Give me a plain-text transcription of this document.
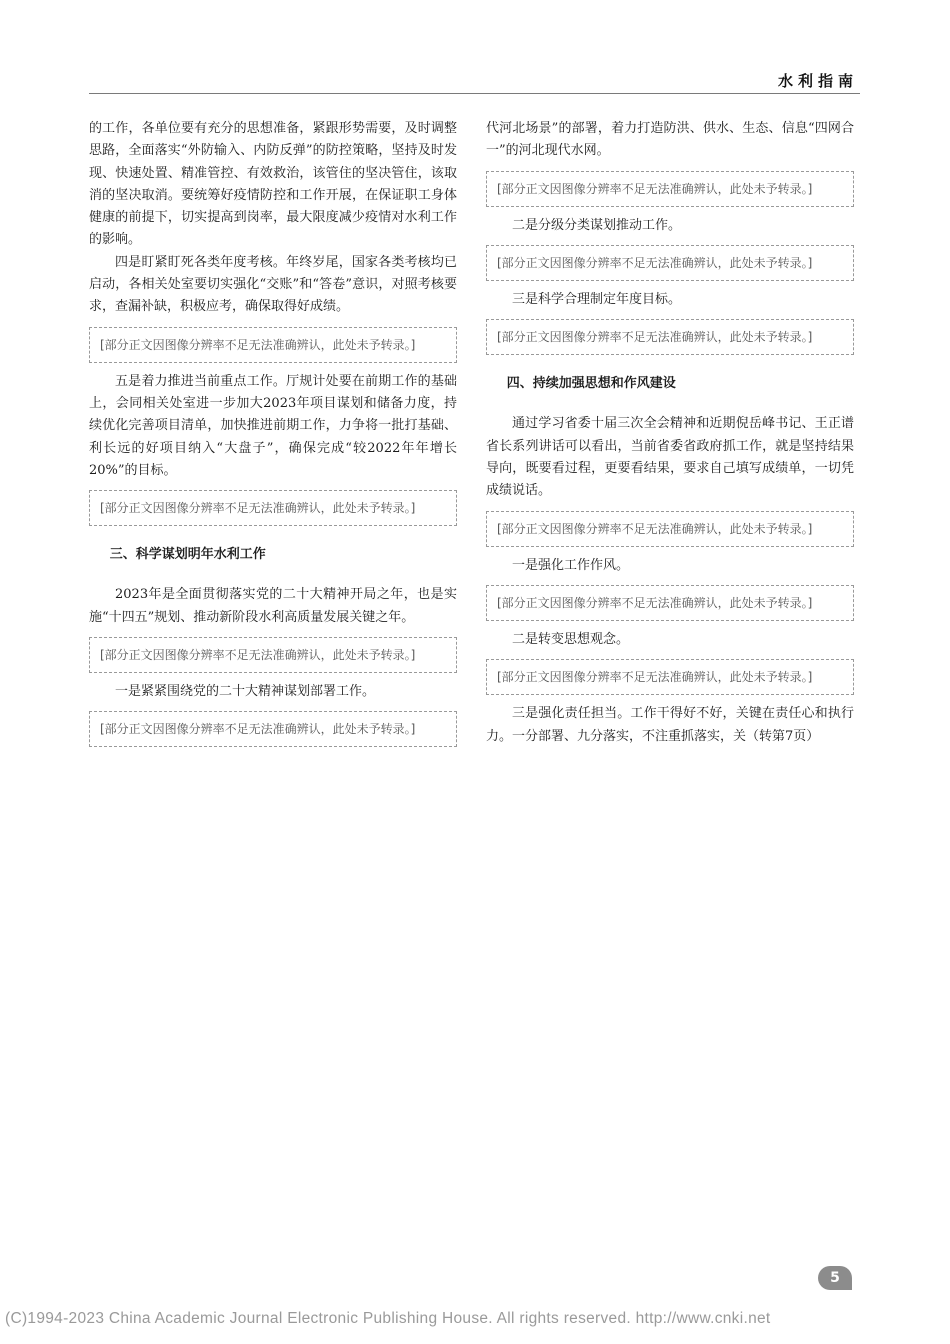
水利指南

的工作，各单位要有充分的思想准备，紧跟形势需要，及时调整思路，全面落实“外防输入、内防反弹”的防控策略，坚持及时发现、快速处置、精准管控、有效救治，该管住的坚决管住，该取消的坚决取消。要统筹好疫情防控和工作开展，在保证职工身体健康的前提下，切实提高到岗率，最大限度减少疫情对水利工作的影响。

四是盯紧盯死各类年度考核。年终岁尾，国家各类考核均已启动，各相关处室要切实强化“交账”和“答卷”意识，对照考核要求，查漏补缺，积极应考，确保取得好成绩。

[部分正文因图像分辨率不足无法准确辨认，此处未予转录。]

五是着力推进当前重点工作。厅规计处要在前期工作的基础上，会同相关处室进一步加大2023年项目谋划和储备力度，持续优化完善项目清单，加快推进前期工作，力争将一批打基础、利长远的好项目纳入“大盘子”，确保完成“较2022年年增长20%”的目标。

[部分正文因图像分辨率不足无法准确辨认，此处未予转录。]

三、科学谋划明年水利工作

2023年是全面贯彻落实党的二十大精神开局之年，也是实施“十四五”规划、推动新阶段水利高质量发展关键之年。

[部分正文因图像分辨率不足无法准确辨认，此处未予转录。]

一是紧紧围绕党的二十大精神谋划部署工作。

[部分正文因图像分辨率不足无法准确辨认，此处未予转录。]

代河北场景”的部署，着力打造防洪、供水、生态、信息“四网合一”的河北现代水网。

[部分正文因图像分辨率不足无法准确辨认，此处未予转录。]

二是分级分类谋划推动工作。

[部分正文因图像分辨率不足无法准确辨认，此处未予转录。]

三是科学合理制定年度目标。

[部分正文因图像分辨率不足无法准确辨认，此处未予转录。]

四、持续加强思想和作风建设

通过学习省委十届三次全会精神和近期倪岳峰书记、王正谱省长系列讲话可以看出，当前省委省政府抓工作，就是坚持结果导向，既要看过程，更要看结果，要求自己填写成绩单，一切凭成绩说话。

[部分正文因图像分辨率不足无法准确辨认，此处未予转录。]

一是强化工作作风。

[部分正文因图像分辨率不足无法准确辨认，此处未予转录。]

二是转变思想观念。

[部分正文因图像分辨率不足无法准确辨认，此处未予转录。]

三是强化责任担当。工作干得好不好，关键在责任心和执行力。一分部署、九分落实，不注重抓落实，关（转第7页）

5
(C)1994-2023 China Academic Journal Electronic Publishing House. All rights reserved. http://www.cnki.net
